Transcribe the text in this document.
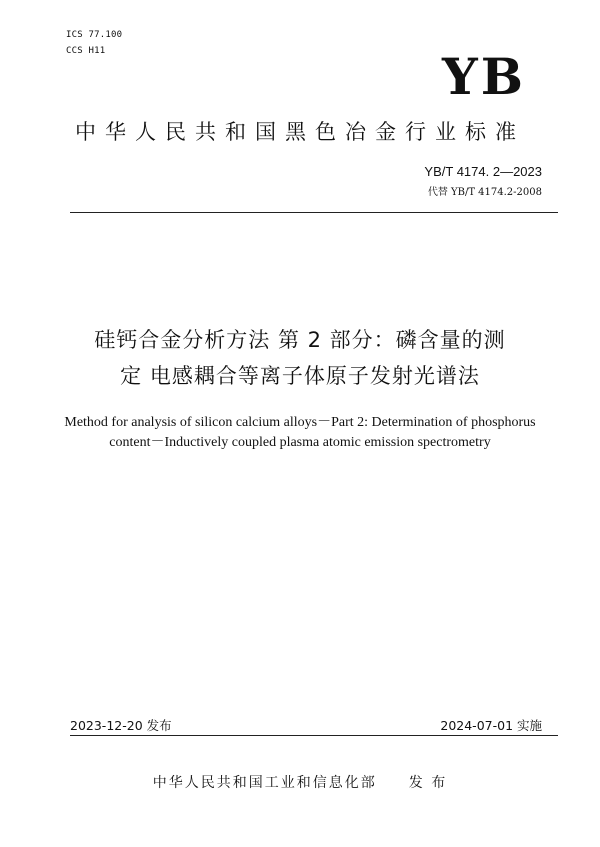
ICS 77.100
CCS H11	YB
中华人民共和国黑色冶金行业标准
YB/T 4174. 2—2023
代替 YB/T 4174.2-2008
硅钙合金分析方法 第 2 部分：磷含量的测
定 电感耦合等离子体原子发射光谱法
Method for analysis of silicon calcium alloys－Part 2: Determination of phosphorus
content－Inductively coupled plasma atomic emission spectrometry
2023-12-20 发布	2024-07-01 实施
中华人民共和国工业和信息化部 发 布
